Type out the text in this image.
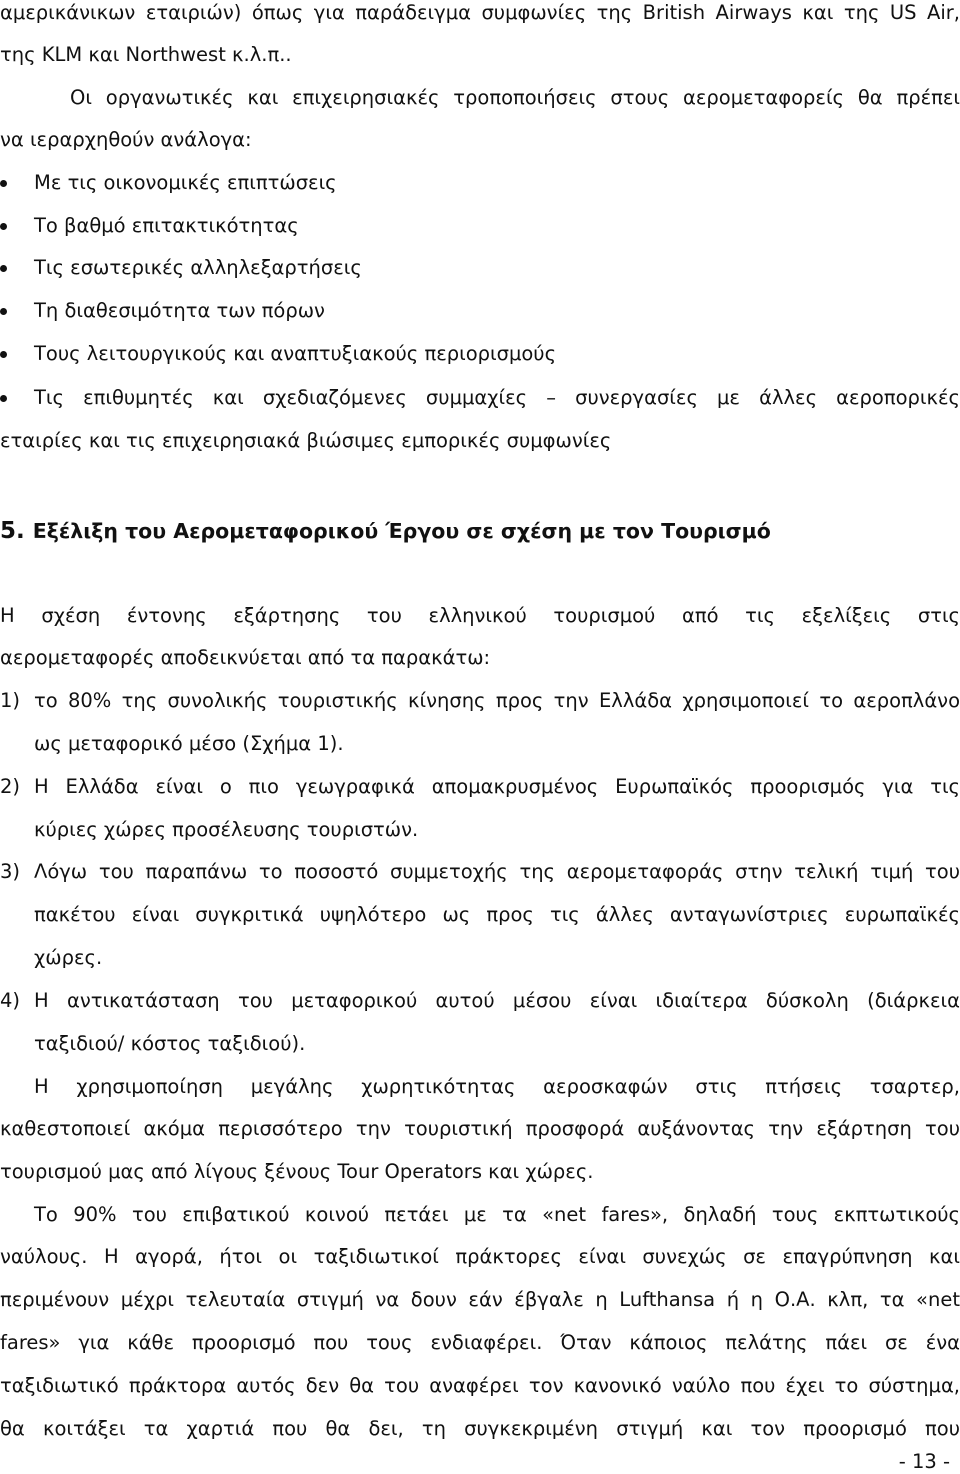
αμερικάνικων εταιριών) όπως για παράδειγμα συμφωνίες της British Airways και της US Air,
της KLM και Northwest κ.λ.π..
Οι οργανωτικές και επιχειρησιακές τροποποιήσεις στους αερομεταφορείς θα πρέπει
να ιεραρχηθούν ανάλογα:
Με τις οικονομικές επιπτώσεις
Το βαθμό επιτακτικότητας
Τις εσωτερικές αλληλεξαρτήσεις
Τη διαθεσιμότητα των πόρων
Τους λειτουργικούς και αναπτυξιακούς περιορισμούς
Τις επιθυμητές και σχεδιαζόμενες συμμαχίες – συνεργασίες με άλλες αεροπορικές
εταιρίες και τις επιχειρησιακά βιώσιμες εμπορικές συμφωνίες
5. Εξέλιξη του Αερομεταφορικού Έργου σε σχέση με τον Τουρισμό
Η σχέση έντονης εξάρτησης του ελληνικού τουρισμού από τις εξελίξεις στις
αερομεταφορές αποδεικνύεται από τα παρακάτω:
1) το 80% της συνολικής τουριστικής κίνησης προς την Ελλάδα χρησιμοποιεί το αεροπλάνο
ως μεταφορικό μέσο (Σχήμα 1).
2) Η Ελλάδα είναι ο πιο γεωγραφικά απομακρυσμένος Ευρωπαϊκός προορισμός για τις
κύριες χώρες προσέλευσης τουριστών.
3) Λόγω του παραπάνω το ποσοστό συμμετοχής της αερομεταφοράς στην τελική τιμή του
πακέτου είναι συγκριτικά υψηλότερο ως προς τις άλλες ανταγωνίστριες ευρωπαϊκές
χώρες.
4) Η αντικατάσταση του μεταφορικού αυτού μέσου είναι ιδιαίτερα δύσκολη (διάρκεια
ταξιδιού/ κόστος ταξιδιού).
Η χρησιμοποίηση μεγάλης χωρητικότητας αεροσκαφών στις πτήσεις τσαρτερ,
καθεστοποιεί ακόμα περισσότερο την τουριστική προσφορά αυξάνοντας την εξάρτηση του
τουρισμού μας από λίγους ξένους Tour Operators και χώρες.
Το 90% του επιβατικού κοινού πετάει με τα «net fares», δηλαδή τους εκπτωτικούς
ναύλους. Η αγορά, ήτοι οι ταξιδιωτικοί πράκτορες είναι συνεχώς σε επαγρύπνηση και
περιμένουν μέχρι τελευταία στιγμή να δουν εάν έβγαλε η Lufthansa ή η Ο.Α. κλπ, τα «net
fares» για κάθε προορισμό που τους ενδιαφέρει. Όταν κάποιος πελάτης πάει σε ένα
ταξιδιωτικό πράκτορα αυτός δεν θα του αναφέρει τον κανονικό ναύλο που έχει το σύστημα,
θα κοιτάξει τα χαρτιά που θα δει, τη συγκεκριμένη στιγμή και τον προορισμό που
- 13 -
